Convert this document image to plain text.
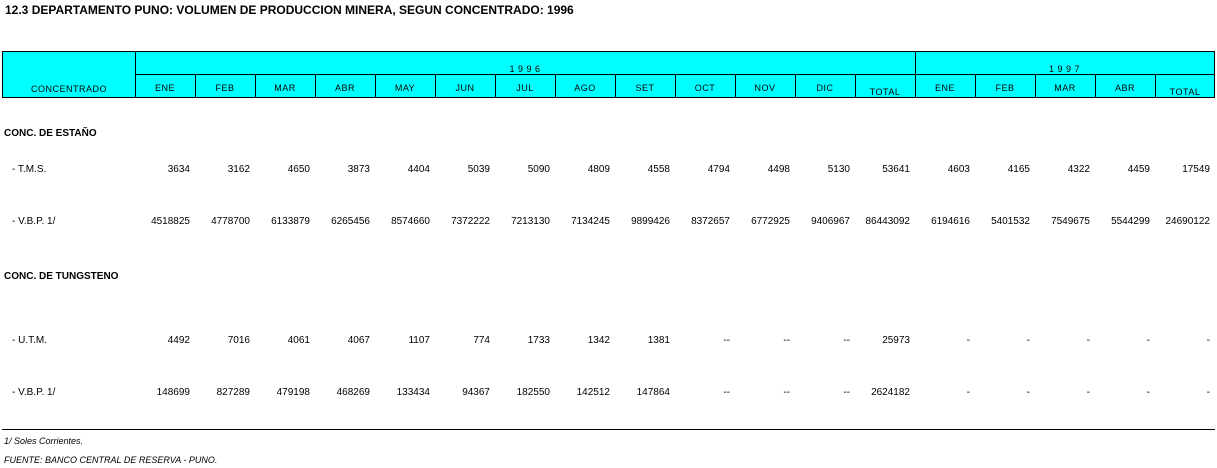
12.3 DEPARTAMENTO PUNO: VOLUMEN DE PRODUCCION MINERA, SEGUN CONCENTRADO: 1996
CONCENTRADO
1 9 9 6	1 9 9 7
ENE	FEB	MAR	ABR	MAY	JUN	JUL	AGO	SET	OCT	NOV	DIC	TOTAL	ENE	FEB	MAR	ABR	TOTAL
CONC. DE ESTAÑO
- T.M.S.	3634	3162	4650	3873	4404	5039	5090	4809	4558	4794	4498	5130	53641	4603	4165	4322	4459	17549
- V.B.P. 1/	4518825	4778700	6133879	6265456	8574660	7372222	7213130	7134245	9899426	8372657	6772925	9406967	86443092	6194616	5401532	7549675	5544299	24690122
CONC. DE TUNGSTENO
- U.T.M.	4492	7016	4061	4067	1107	774	1733	1342	1381	--	--	--	25973	-	-	-	-	-
- V.B.P. 1/	148699	827289	479198	468269	133434	94367	182550	142512	147864	--	--	--	2624182	-	-	-	-	-
1/ Soles Corrientes.
FUENTE: BANCO CENTRAL DE RESERVA - PUNO.
